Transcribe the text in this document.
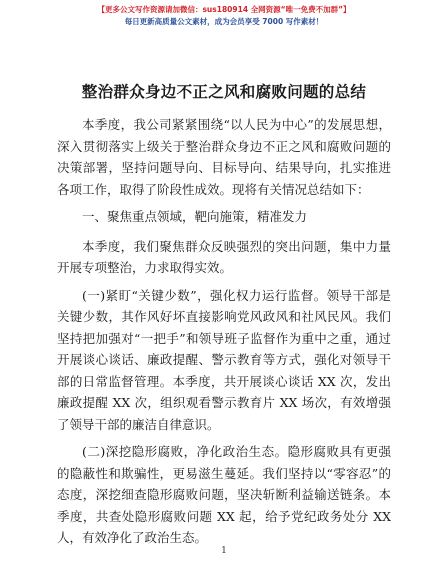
【更多公文写作资源请加微信：sus180914 全网资源“唯一免费不加群”】
每日更新高质量公文素材，成为会员享受 7000 写作素材！
整治群众身边不正之风和腐败问题的总结

本季度，我公司紧紧围绕“以人民为中心”的发展思想，深入贯彻落实上级关于整治群众身边不正之风和腐败问题的决策部署，坚持问题导向、目标导向、结果导向，扎实推进各项工作，取得了阶段性成效。现将有关情况总结如下：

一、聚焦重点领域，靶向施策，精准发力

本季度，我们聚焦群众反映强烈的突出问题，集中力量开展专项整治，力求取得实效。

(一)紧盯“关键少数”，强化权力运行监督。领导干部是关键少数，其作风好坏直接影响党风政风和社风民风。我们坚持把加强对“一把手”和领导班子监督作为重中之重，通过开展谈心谈话、廉政提醒、警示教育等方式，强化对领导干部的日常监督管理。本季度，共开展谈心谈话 XX 次，发出廉政提醒 XX 次，组织观看警示教育片 XX 场次，有效增强了领导干部的廉洁自律意识。

(二)深挖隐形腐败，净化政治生态。隐形腐败具有更强的隐蔽性和欺骗性，更易滋生蔓延。我们坚持以“零容忍”的态度，深挖细查隐形腐败问题，坚决斩断利益输送链条。本季度，共查处隐形腐败问题 XX 起，给予党纪政务处分 XX 人，有效净化了政治生态。

1
